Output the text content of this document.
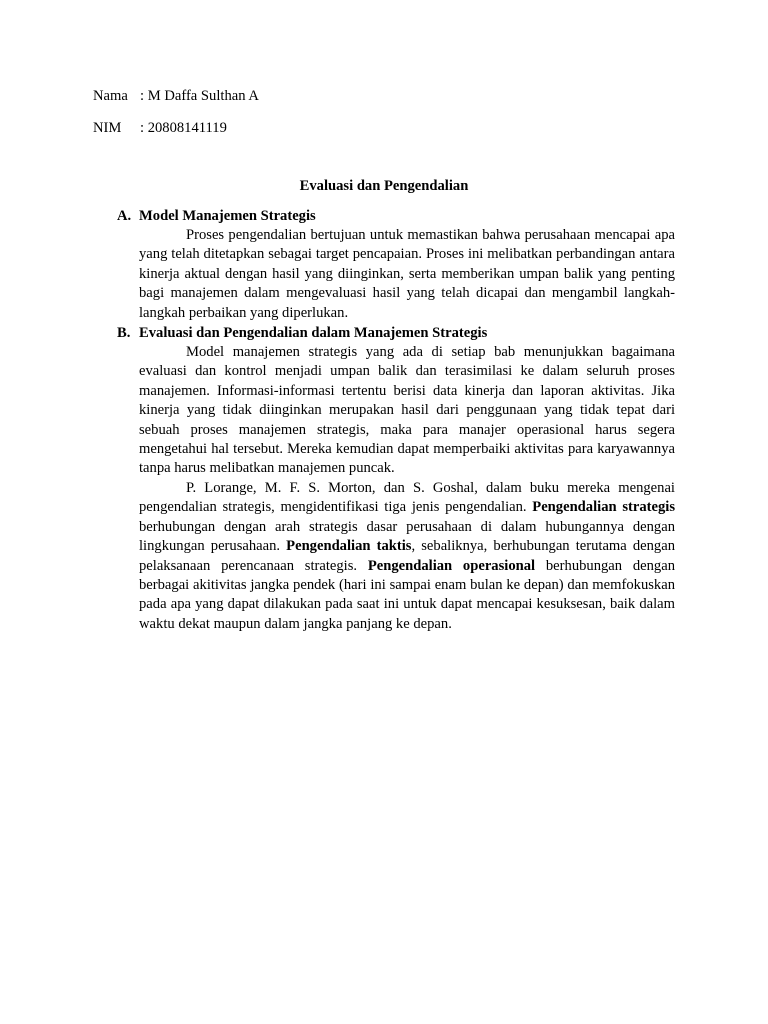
Nama : M Daffa Sulthan A
NIM	: 20808141119
Evaluasi dan Pengendalian
A. Model Manajemen Strategis

Proses pengendalian bertujuan untuk memastikan bahwa perusahaan mencapai apa yang telah ditetapkan sebagai target pencapaian. Proses ini melibatkan perbandingan antara kinerja aktual dengan hasil yang diinginkan, serta memberikan umpan balik yang penting bagi manajemen dalam mengevaluasi hasil yang telah dicapai dan mengambil langkah-langkah perbaikan yang diperlukan.

B. Evaluasi dan Pengendalian dalam Manajemen Strategis

Model manajemen strategis yang ada di setiap bab menunjukkan bagaimana evaluasi dan kontrol menjadi umpan balik dan terasimilasi ke dalam seluruh proses manajemen. Informasi-informasi tertentu berisi data kinerja dan laporan aktivitas. Jika kinerja yang tidak diinginkan merupakan hasil dari penggunaan yang tidak tepat dari sebuah proses manajemen strategis, maka para manajer operasional harus segera mengetahui hal tersebut. Mereka kemudian dapat memperbaiki aktivitas para karyawannya tanpa harus melibatkan manajemen puncak.

P. Lorange, M. F. S. Morton, dan S. Goshal, dalam buku mereka mengenai pengendalian strategis, mengidentifikasi tiga jenis pengendalian. Pengendalian strategis berhubungan dengan arah strategis dasar perusahaan di dalam hubungannya dengan lingkungan perusahaan. Pengendalian taktis, sebaliknya, berhubungan terutama dengan pelaksanaan perencanaan strategis. Pengendalian operasional berhubungan dengan berbagai akitivitas jangka pendek (hari ini sampai enam bulan ke depan) dan memfokuskan pada apa yang dapat dilakukan pada saat ini untuk dapat mencapai kesuksesan, baik dalam waktu dekat maupun dalam jangka panjang ke depan.
